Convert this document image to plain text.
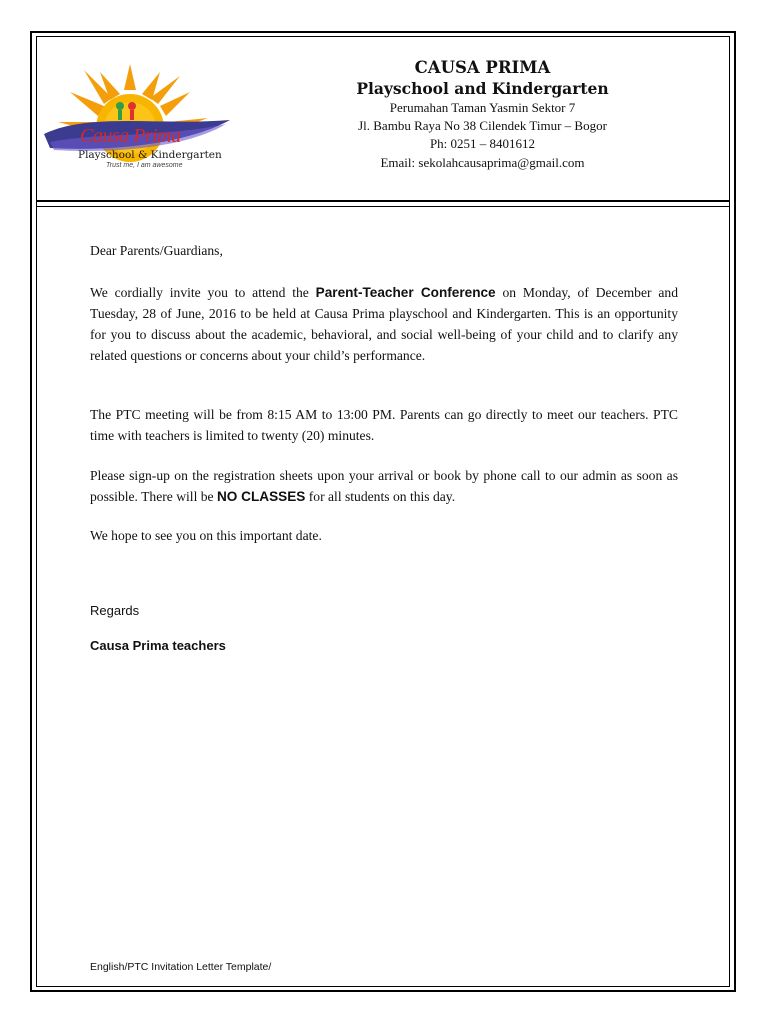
Causa Prima
Playschool & Kindergarten
Trust me, I am awesome
CAUSA PRIMA
Playschool and Kindergarten
Perumahan Taman Yasmin Sektor 7
Jl. Bambu Raya No 38 Cilendek Timur – Bogor
Ph: 0251 – 8401612
Email: sekolahcausaprima@gmail.com
Dear Parents/Guardians,
We cordially invite you to attend the Parent-Teacher Conference on Monday, of December and Tuesday, 28 of June, 2016 to be held at Causa Prima playschool and Kindergarten. This is an opportunity for you to discuss about the academic, behavioral, and social well-being of your child and to clarify any related questions or concerns about your child’s performance.
The PTC meeting will be from 8:15 AM to 13:00 PM. Parents can go directly to meet our teachers. PTC time with teachers is limited to twenty (20) minutes.
Please sign-up on the registration sheets upon your arrival or book by phone call to our admin as soon as possible. There will be NO CLASSES for all students on this day.
We hope to see you on this important date.
Regards
Causa Prima teachers
English/PTC Invitation Letter Template/
